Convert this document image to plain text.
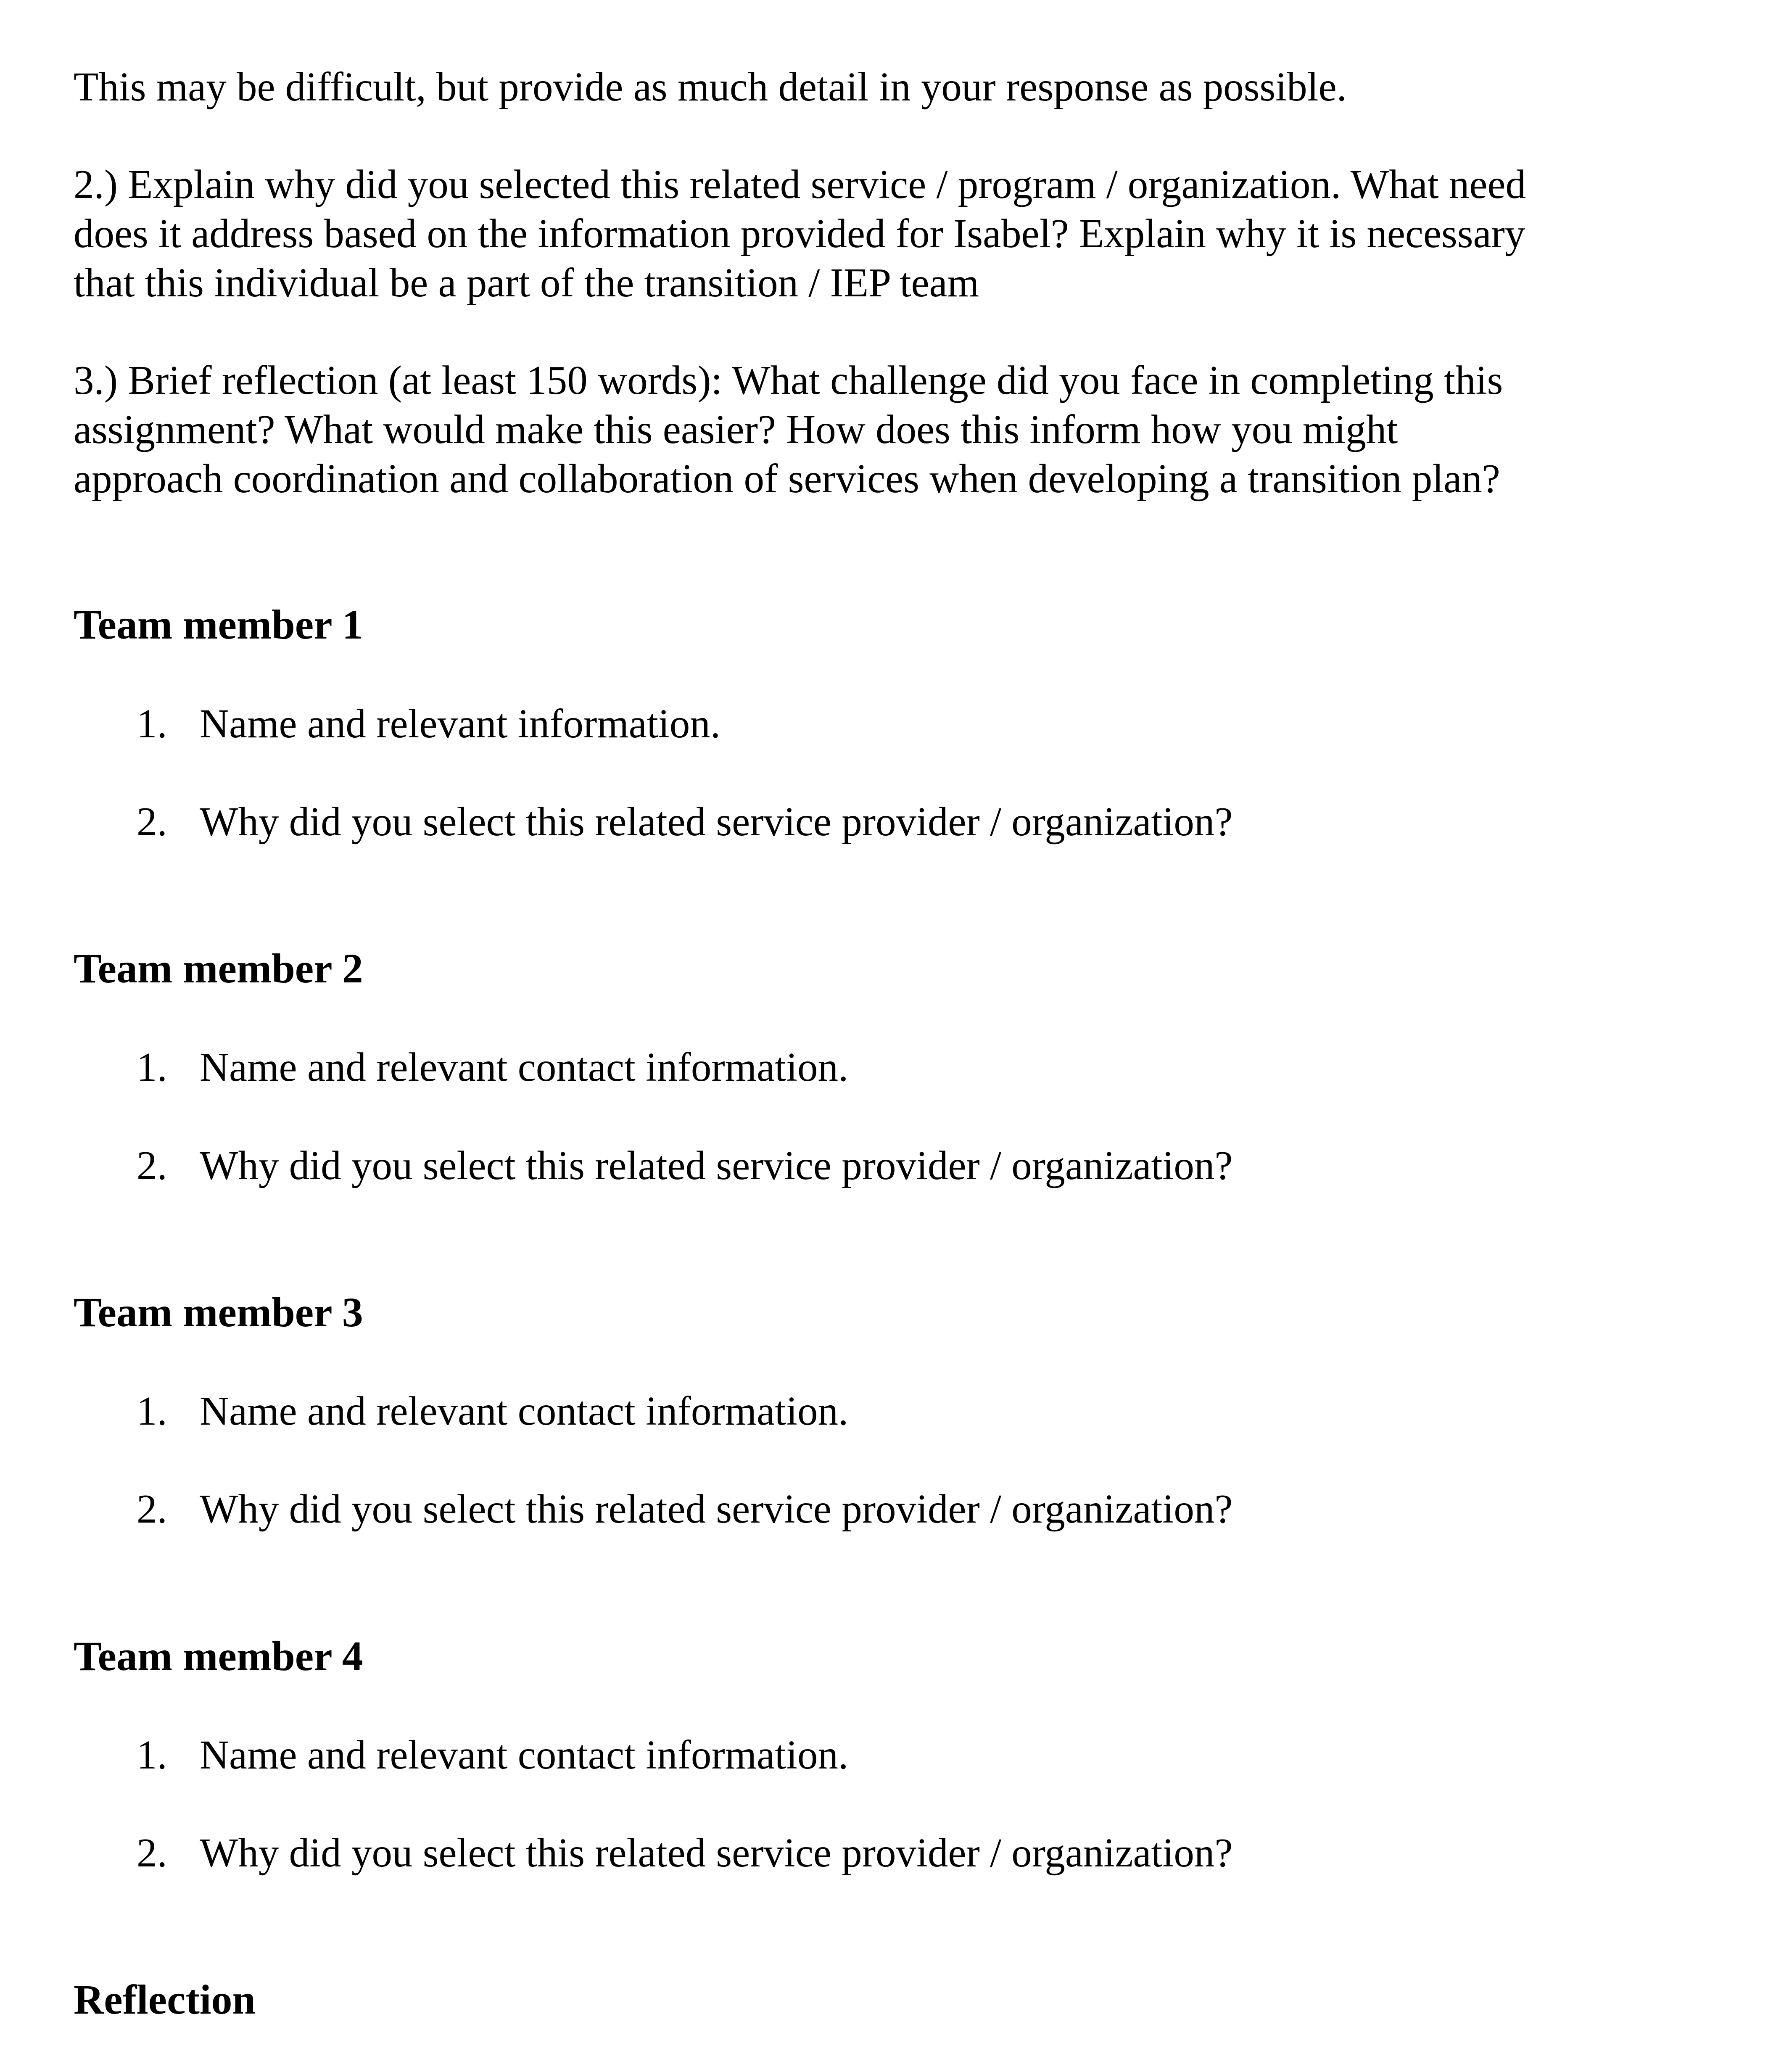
This may be difficult, but provide as much detail in your response as possible.

2.) Explain why did you selected this related service / program / organization. What need

does it address based on the information provided for Isabel? Explain why it is necessary

that this individual be a part of the transition / IEP team

3.) Brief reflection (at least 150 words): What challenge did you face in completing this

assignment? What would make this easier? How does this inform how you might

approach coordination and collaboration of services when developing a transition plan?

Team member 1

1. Name and relevant information.
2. Why did you select this related service provider / organization?

Team member 2

1. Name and relevant contact information.
2. Why did you select this related service provider / organization?

Team member 3

1. Name and relevant contact information.
2. Why did you select this related service provider / organization?

Team member 4

1. Name and relevant contact information.
2. Why did you select this related service provider / organization?

Reflection
